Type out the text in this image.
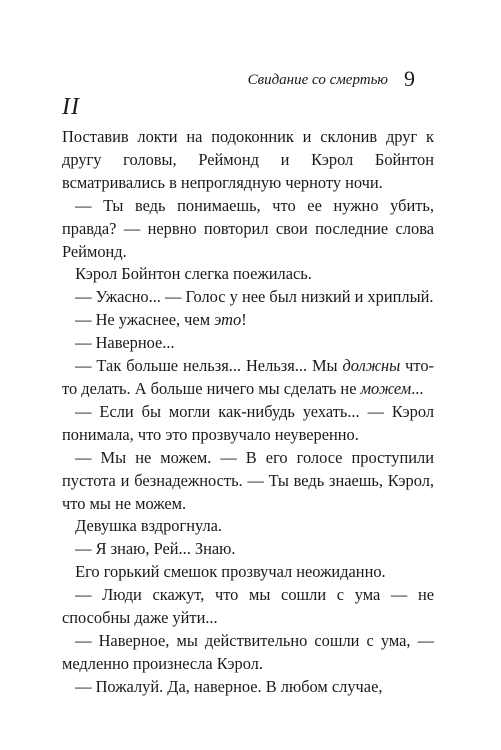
Свидание со смертью 9
II

Поставив локти на подоконник и склонив друг к другу головы, Реймонд и Кэрол Бойнтон всматривались в непроглядную черноту ночи.

— Ты ведь понимаешь, что ее нужно убить, правда? — нервно повторил свои последние слова Реймонд.

Кэрол Бойнтон слегка поежилась.

— Ужасно... — Голос у нее был низкий и хриплый.

— Не ужаснее, чем это!

— Наверное...

— Так больше нельзя... Нельзя... Мы должны что-то делать. А больше ничего мы сделать не можем...

— Если бы могли как-нибудь уехать... — Кэрол понимала, что это прозвучало неуверенно.

— Мы не можем. — В его голосе проступили пустота и безнадежность. — Ты ведь знаешь, Кэрол, что мы не можем.

Девушка вздрогнула.

— Я знаю, Рей... Знаю.

Его горький смешок прозвучал неожиданно.

— Люди скажут, что мы сошли с ума — не способны даже уйти...

— Наверное, мы действительно сошли с ума, — медленно произнесла Кэрол.

— Пожалуй. Да, наверное. В любом случае,
